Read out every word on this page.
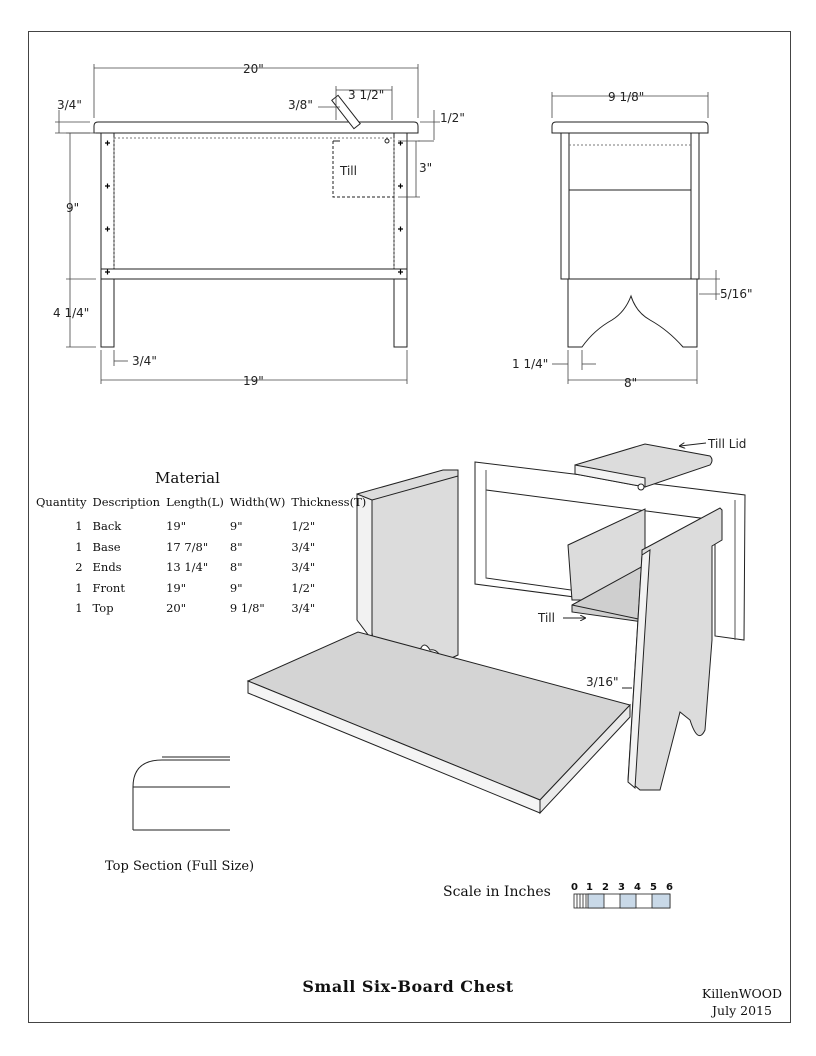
20"
3/4"	3/8"
3 1/2"
1/2"
9"
3"
4 1/4"
3/4"
19"
Till
9 1/8"
5/16"
1 1/4"
8"
Till Lid
Till
3/16"
0 1 2 3 4 5 6
Material
Quantity	Description	Length(L)	Width(W)	Thickness(T)
1	Back	19"	9"	1/2"
1	Base	17 7/8"	8"	3/4"
2	Ends	13 1/4"	8"	3/4"
1	Front	19"	9"	1/2"
1	Top	20"	9 1/8"	3/4"
Top Section (Full Size)
Scale in Inches
Small Six-Board Chest	KillenWOOD
July 2015
